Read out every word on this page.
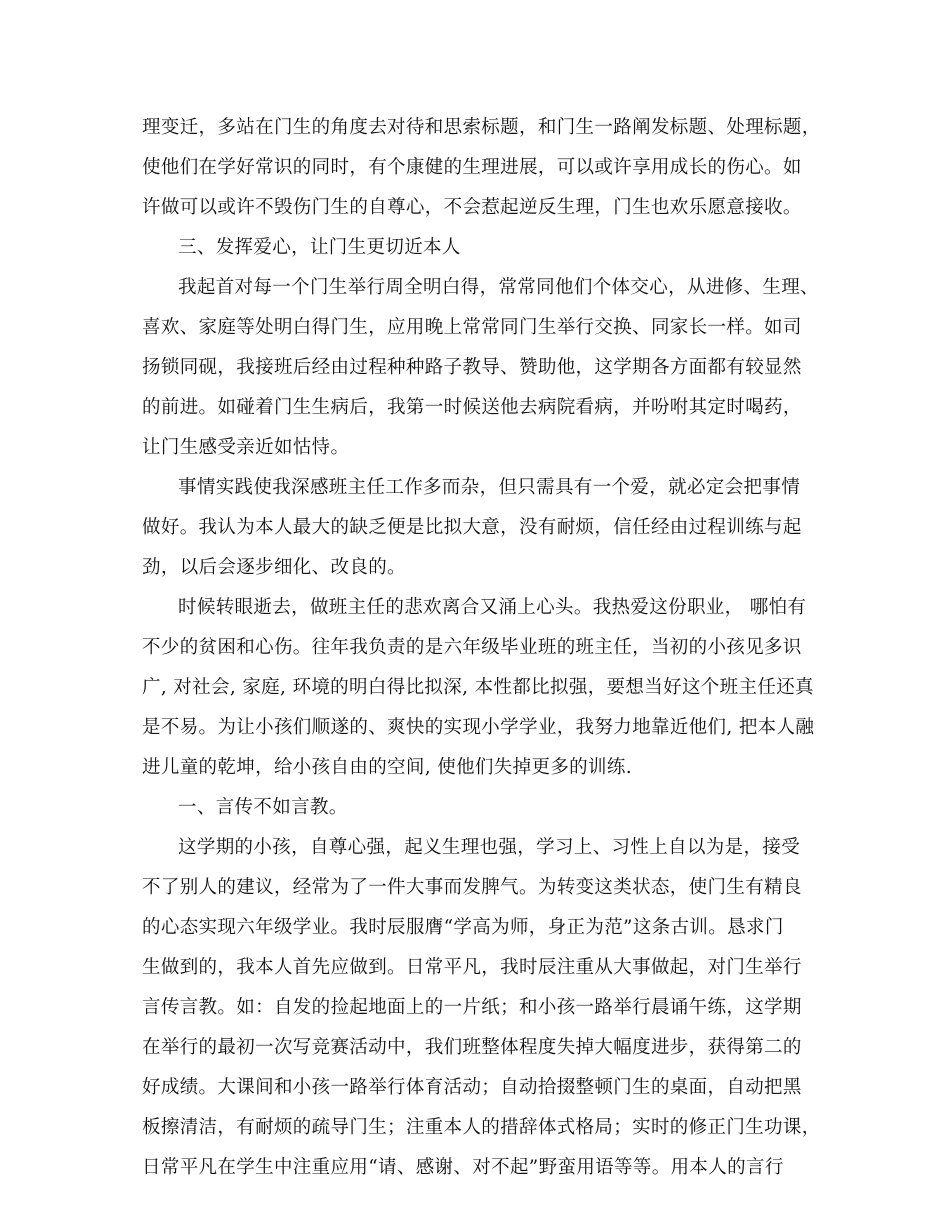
理变迁，多站在门生的角度去对待和思索标题，和门生一路阐发标题、处理标题，
使他们在学好常识的同时，有个康健的生理进展，可以或许享用成长的伤心。如
许做可以或许不毁伤门生的自尊心，不会惹起逆反生理，门生也欢乐愿意接收。
三、发挥爱心，让门生更切近本人
我起首对每一个门生举行周全明白得，常常同他们个体交心，从进修、生理、
喜欢、家庭等处明白得门生，应用晚上常常同门生举行交换、同家长一样。如司
扬锁同砚，我接班后经由过程种种路子教导、赞助他，这学期各方面都有较显然
的前进。如碰着门生生病后，我第一时候送他去病院看病，并吩咐其定时喝药，
让门生感受亲近如怙恃。
事情实践使我深感班主任工作多而杂，但只需具有一个爱，就必定会把事情
做好。我认为本人最大的缺乏便是比拟大意，没有耐烦，信任经由过程训练与起
劲，以后会逐步细化、改良的。
时候转眼逝去，做班主任的悲欢离合又涌上心头。我热爱这份职业， 哪怕有
不少的贫困和心伤。往年我负责的是六年级毕业班的班主任，当初的小孩见多识
广, 对社会, 家庭, 环境的明白得比拟深, 本性都比拟强，要想当好这个班主任还真
是不易。为让小孩们顺遂的、爽快的实现小学学业，我努力地靠近他们, 把本人融
进儿童的乾坤，给小孩自由的空间, 使他们失掉更多的训练.
一、言传不如言教。
这学期的小孩，自尊心强，起义生理也强，学习上、习性上自以为是，接受
不了别人的建议，经常为了一件大事而发脾气。为转变这类状态，使门生有精良
的心态实现六年级学业。我时辰服膺“学高为师，身正为范”这条古训。恳求门
生做到的，我本人首先应做到。日常平凡，我时辰注重从大事做起，对门生举行
言传言教。如：自发的捡起地面上的一片纸；和小孩一路举行晨诵午练，这学期
在举行的最初一次写竞赛活动中，我们班整体程度失掉大幅度进步，获得第二的
好成绩。大课间和小孩一路举行体育活动；自动拾掇整顿门生的桌面，自动把黑
板擦清洁，有耐烦的疏导门生；注重本人的措辞体式格局；实时的修正门生功课，
日常平凡在学生中注重应用“请、感谢、对不起”野蛮用语等等。用本人的言行
